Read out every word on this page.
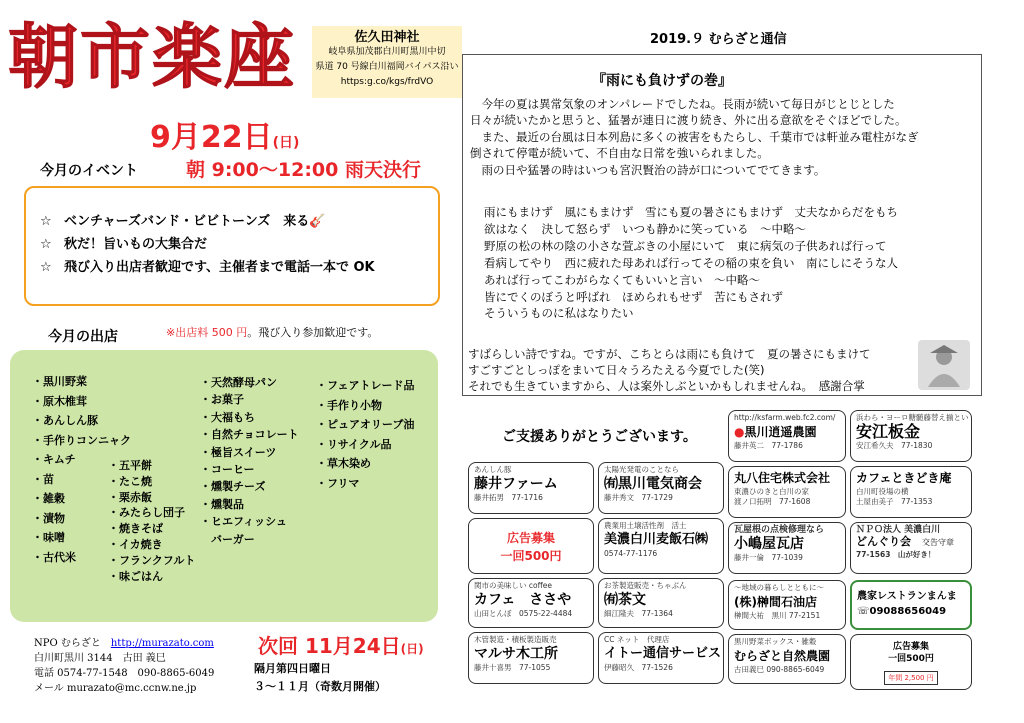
朝市楽座	佐久田神社
岐阜県加茂郡白川町黒川中切
県道 70 号線白川福岡バイパス沿い
https:g.co/kgs/frdVO
9月22日(日)
今月のイベント	朝 9:00～12:00 雨天決行
☆ ベンチャーズバンド・ビビトーンズ　来る🎸
☆ 秋だ！旨いもの大集合だ
☆ 飛び入り出店者歓迎です、主催者まで電話一本で OK
今月の出店	※出店料 500 円。飛び入り参加歓迎です。
・黒川野菜
・原木椎茸
・あんしん豚
・手作りコンニャク
・キムチ
・苗
・雑穀
・漬物
・味噌
・古代米
・五平餅
・たこ焼
・栗赤飯
・みたらし団子
・焼きそば
・イカ焼き
・フランクフルト
・味ごはん
・天然酵母パン
・お菓子
・大福もち
・自然チョコレート
・極旨スイーツ
・コーヒー
・燻製チーズ
・燻製品
・ヒエフィッシュ
　バーガー
・フェアトレード品
・手作り小物
・ピュアオリーブ油
・リサイクル品
・草木染め
・フリマ
NPO むらざと　 http://murazato.com
白川町黒川 3144　古田 義巳
電話 0574-77-1548　090-8865-6049
メール murazato@mc.ccnw.ne.jp
次回 11月24日(日)
隔月第四日曜日
３～１１月（奇数月開催）
2019.９ むらざと通信
『雨にも負けずの巻』
　今年の夏は異常気象のオンパレードでしたね。長雨が続いて毎日がじとじとした
日々が続いたかと思うと、猛暑が連日に渡り続き、外に出る意欲をそぐほどでした。
　また、最近の台風は日本列島に多くの被害をもたらし、千葉市では軒並み電柱がなぎ
倒されて停電が続いて、不自由な日常を強いられました。
　雨の日や猛暑の時はいつも宮沢賢治の詩が口についてでてきます。
雨にもまけず　風にもまけず　雪にも夏の暑さにもまけず　丈夫なからだをもち
欲はなく　決して怒らず　いつも静かに笑っている　～中略～
野原の松の林の陰の小さな萱ぶきの小屋にいて　東に病気の子供あれば行って
看病してやり　西に疲れた母あれば行ってその稲の束を負い　南にしにそうな人
あれば行ってこわがらなくてもいいと言い　～中略～
皆にでくのぼうと呼ばれ　ほめられもせず　苦にもされず
そういうものに私はなりたい
すばらしい詩ですね。ですが、こちとらは雨にも負けて　夏の暑さにもまけて
すごすごとしっぽをまいて日々うろたえる今夏でした(笑)
それでも生きていますから、人は案外しぶといかもしれませんね。　感謝合掌
ご支援ありがとうございます。
http://ksfarm.web.fc2.com/
●黒川逍遥農園
藤井英二　77-1786
浜わら・ヨーロ糖髄藤替え揃とい
安江板金
安江希久夫　77-1830
あんしん豚
藤井ファーム
藤井拓男　77-1716
太陽光発電のことなら
㈲黒川電気商会
藤井秀文　77-1729
丸八住宅株式会社
東濃ひのきと白川の家
渡ノ口拓明　77-1608
カフェときどき庵
白川町役場の横
土屋由美子　77-1353
広告募集
一回500円
農業用土壌活性剤　活土
美濃白川麦飯石㈱
0574-77-1176
瓦屋根の点検修理なら
小嶋屋瓦店
藤井一倫　77-1039
ＮＰＯ法人 美濃白川
どんぐり会　 交告守章
77-1563　山が好き！
関市の美味しい coffee
カフェ　ささや
山田とんぼ　0575-22-4484
お茶製造販売・ちゃぶん
㈲茶文
細江隆夫　77-1364
～地域の暮らしとともに～
(株)榊間石油店
榊間大祐　黒川 77-2151
農家レストランまんま
☏09088656049
木管製造・積板製造販売
マルサ木工所
藤井十喜男　77-1055
CC ネット　代理店
イトー通信サービス
伊藤昭久　77-1526
黒川野菜ボックス・雑穀
むらざと自然農園
古田義巳 090-8865-6049
広告募集
一回500円
年間 2,500 円
